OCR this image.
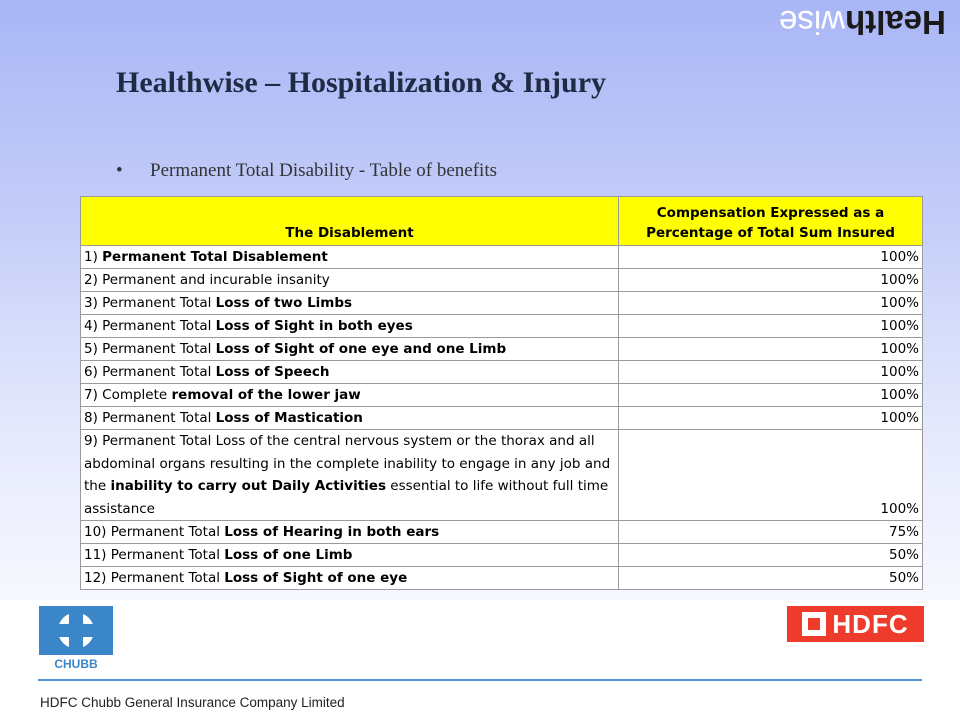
Healthwise
Healthwise – Hospitalization & Injury
• Permanent Total Disability - Table of benefits
The Disablement	Compensation Expressed as a
Percentage of Total Sum Insured
1) Permanent Total Disablement	100%
2) Permanent and incurable insanity	100%
3) Permanent Total Loss of two Limbs	100%
4) Permanent Total Loss of Sight in both eyes	100%
5) Permanent Total Loss of Sight of one eye and one Limb	100%
6) Permanent Total Loss of Speech	100%
7) Complete removal of the lower jaw	100%
8) Permanent Total Loss of Mastication	100%
9) Permanent Total Loss of the central nervous system or the thorax and all abdominal organs resulting in the complete inability to engage in any job and the inability to carry out Daily Activities essential to life without full time assistance	100%
10) Permanent Total Loss of Hearing in both ears	75%
11) Permanent Total Loss of one Limb	50%
12) Permanent Total Loss of Sight of one eye	50%
CHUBB
HDFC
HDFC Chubb General Insurance Company Limited
